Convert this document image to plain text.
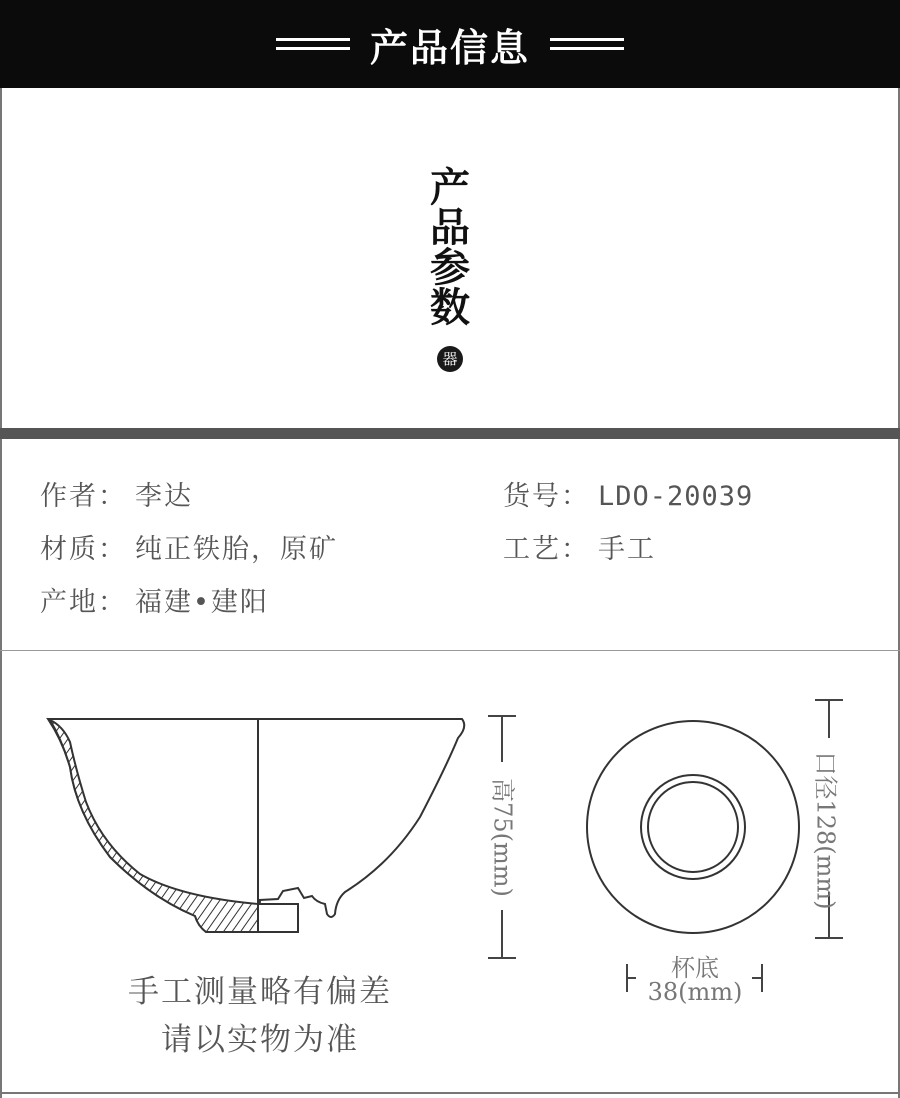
产品信息
产
品
参
数
器
作者： 李达	货号： LDO-20039
材质： 纯正铁胎，原矿	工艺： 手工
产地： 福建•建阳
高75(mm)	口径128(mm)
杯底
38(mm)
手工测量略有偏差
请以实物为准
